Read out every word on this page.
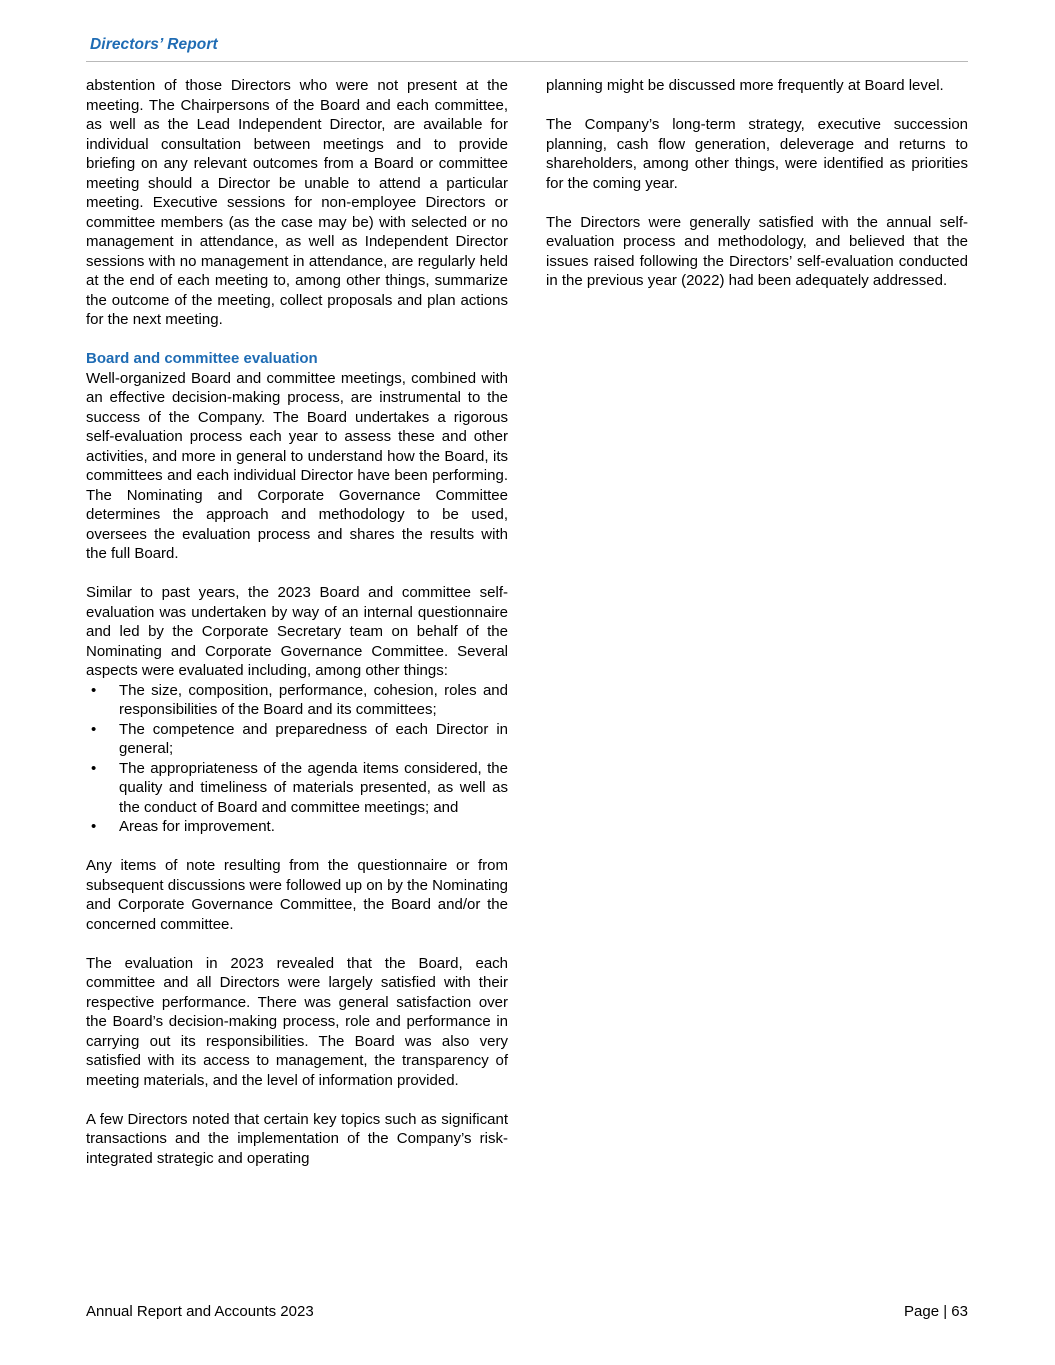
Directors’ Report

abstention of those Directors who were not present at the meeting. The Chairpersons of the Board and each committee, as well as the Lead Independent Director, are available for individual consultation between meetings and to provide briefing on any relevant outcomes from a Board or committee meeting should a Director be unable to attend a particular meeting. Executive sessions for non-employee Directors or committee members (as the case may be) with selected or no management in attendance, as well as Independent Director sessions with no management in attendance, are regularly held at the end of each meeting to, among other things, summarize the outcome of the meeting, collect proposals and plan actions for the next meeting.

Board and committee evaluation

Well-organized Board and committee meetings, combined with an effective decision-making process, are instrumental to the success of the Company. The Board undertakes a rigorous self-evaluation process each year to assess these and other activities, and more in general to understand how the Board, its committees and each individual Director have been performing. The Nominating and Corporate Governance Committee determines the approach and methodology to be used, oversees the evaluation process and shares the results with the full Board.

Similar to past years, the 2023 Board and committee self-evaluation was undertaken by way of an internal questionnaire and led by the Corporate Secretary team on behalf of the Nominating and Corporate Governance Committee. Several aspects were evaluated including, among other things:

• The size, composition, performance, cohesion, roles and responsibilities of the Board and its committees;
• The competence and preparedness of each Director in general;
• The appropriateness of the agenda items considered, the quality and timeliness of materials presented, as well as the conduct of Board and committee meetings; and
• Areas for improvement.

Any items of note resulting from the questionnaire or from subsequent discussions were followed up on by the Nominating and Corporate Governance Committee, the Board and/or the concerned committee.

The evaluation in 2023 revealed that the Board, each committee and all Directors were largely satisfied with their respective performance. There was general satisfaction over the Board’s decision-making process, role and performance in carrying out its responsibilities. The Board was also very satisfied with its access to management, the transparency of meeting materials, and the level of information provided.

A few Directors noted that certain key topics such as significant transactions and the implementation of the Company’s risk-integrated strategic and operating

planning might be discussed more frequently at Board level.

The Company’s long-term strategy, executive succession planning, cash flow generation, deleverage and returns to shareholders, among other things, were identified as priorities for the coming year.

The Directors were generally satisfied with the annual self-evaluation process and methodology, and believed that the issues raised following the Directors’ self-evaluation conducted in the previous year (2022) had been adequately addressed.

Annual Report and Accounts 2023	Page | 63
